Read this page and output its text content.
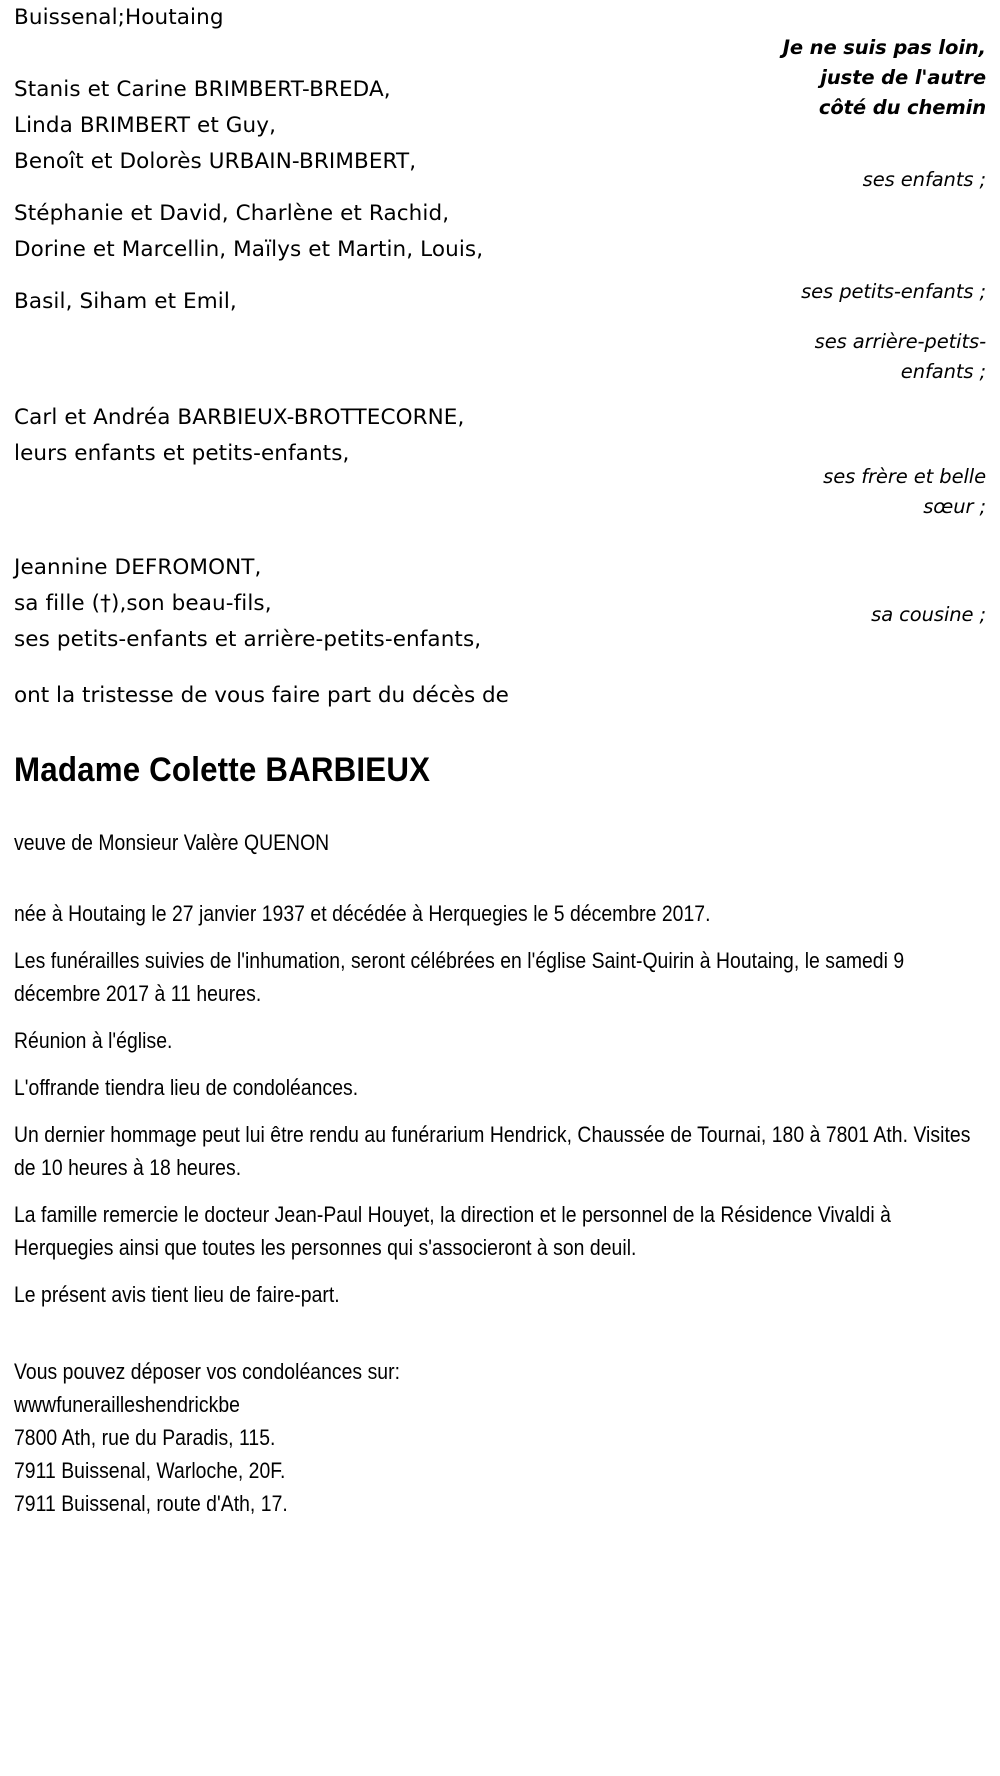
Buissenal;Houtaing
Stanis et Carine BRIMBERT-BREDA,
Linda BRIMBERT et Guy,
Benoît et Dolorès URBAIN-BRIMBERT,
Stéphanie et David, Charlène et Rachid,
Dorine et Marcellin, Maïlys et Martin, Louis,
Basil, Siham et Emil,
Carl et Andréa BARBIEUX-BROTTECORNE,
leurs enfants et petits-enfants,
Jeannine DEFROMONT,
sa fille (†),son beau-fils,
ses petits-enfants et arrière-petits-enfants,
Je ne suis pas loin,
juste de l'autre
côté du chemin
ses enfants ;
ses petits-enfants ;
ses arrière-petits-
enfants ;
ses frère et belle
sœur ;
sa cousine ;
ont la tristesse de vous faire part du décès de
Madame Colette BARBIEUX

veuve de Monsieur Valère QUENON

née à Houtaing le 27 janvier 1937 et décédée à Herquegies le 5 décembre 2017.

Les funérailles suivies de l'inhumation, seront célébrées en l'église Saint-Quirin à Houtaing, le samedi 9 décembre 2017 à 11 heures.

Réunion à l'église.

L'offrande tiendra lieu de condoléances.

Un dernier hommage peut lui être rendu au funérarium Hendrick, Chaussée de Tournai, 180 à 7801 Ath. Visites de 10 heures à 18 heures.

La famille remercie le docteur Jean-Paul Houyet, la direction et le personnel de la Résidence Vivaldi à Herquegies ainsi que toutes les personnes qui s'associeront à son deuil.

Le présent avis tient lieu de faire-part.

Vous pouvez déposer vos condoléances sur:

wwwfunerailleshendrickbe

7800 Ath, rue du Paradis, 115.

7911 Buissenal, Warloche, 20F.

7911 Buissenal, route d'Ath, 17.
